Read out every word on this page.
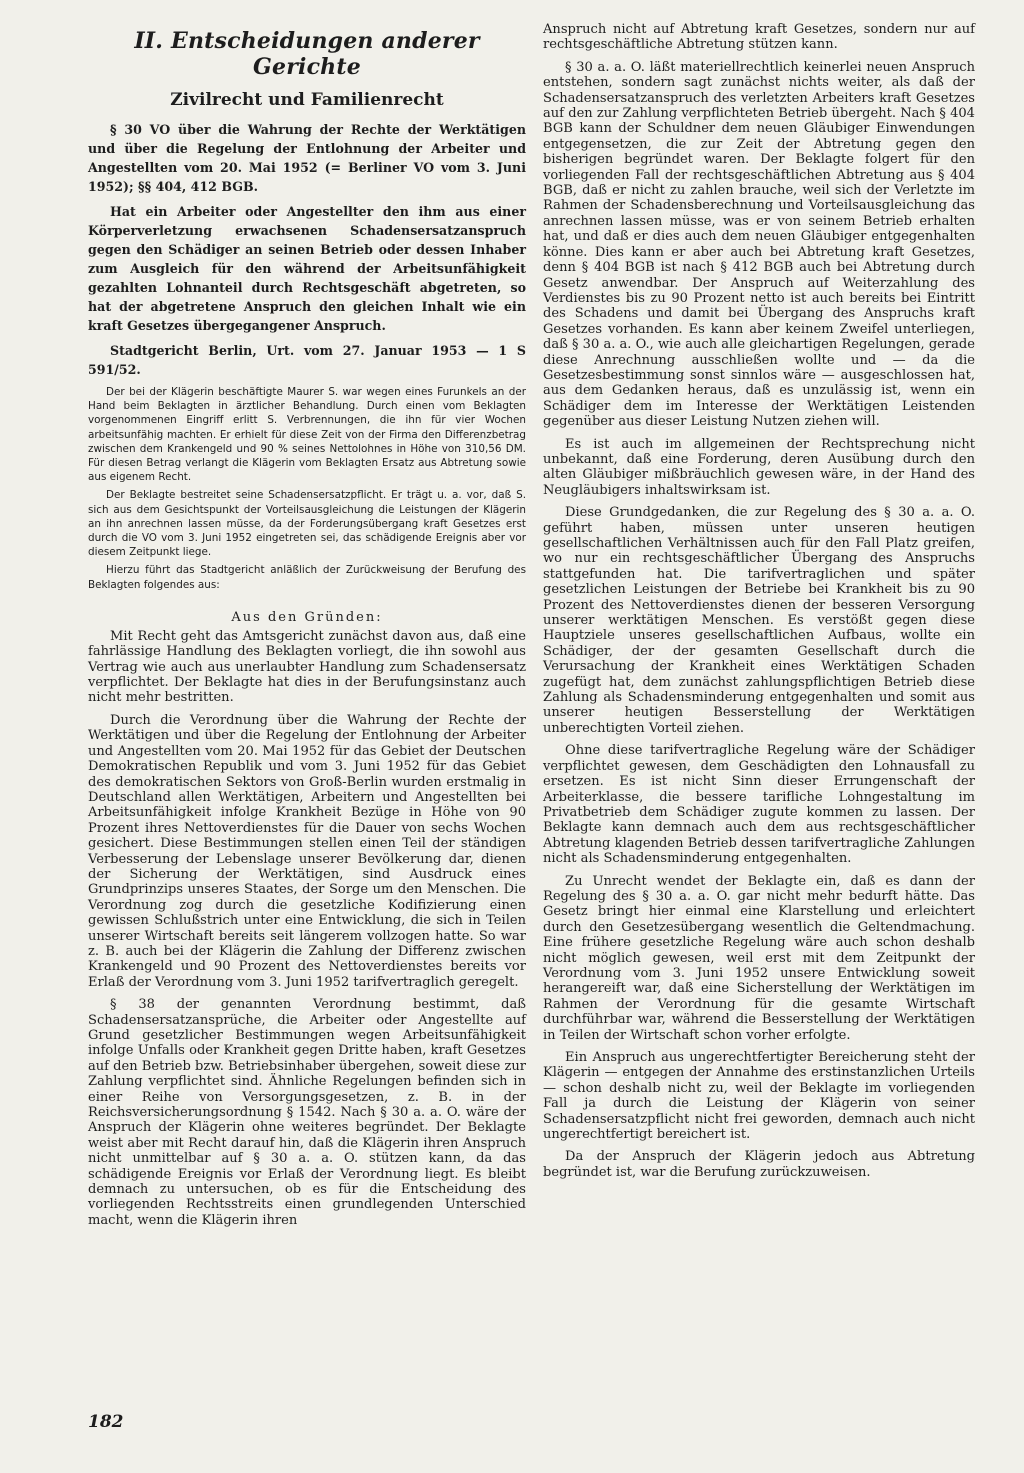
II. Entscheidungen anderer Gerichte
Zivilrecht und Familienrecht

§ 30 VO über die Wahrung der Rechte der Werktätigen und über die Regelung der Entlohnung der Arbeiter und Angestellten vom 20. Mai 1952 (= Berliner VO vom 3. Juni 1952); §§ 404, 412 BGB.

Hat ein Arbeiter oder Angestellter den ihm aus einer Körperverletzung erwachsenen Schadensersatzanspruch gegen den Schädiger an seinen Betrieb oder dessen Inhaber zum Ausgleich für den während der Arbeitsunfähigkeit gezahlten Lohnanteil durch Rechtsgeschäft abgetreten, so hat der abgetretene Anspruch den gleichen Inhalt wie ein kraft Gesetzes übergegangener Anspruch.

Stadtgericht Berlin, Urt. vom 27. Januar 1953 — 1 S 591/52.

Der bei der Klägerin beschäftigte Maurer S. war wegen eines Furunkels an der Hand beim Beklagten in ärztlicher Behandlung. Durch einen vom Beklagten vorgenommenen Eingriff erlitt S. Verbrennungen, die ihn für vier Wochen arbeitsunfähig machten. Er erhielt für diese Zeit von der Firma den Differenzbetrag zwischen dem Krankengeld und 90 % seines Nettolohnes in Höhe von 310,56 DM. Für diesen Betrag verlangt die Klägerin vom Beklagten Ersatz aus Abtretung sowie aus eigenem Recht.

Der Beklagte bestreitet seine Schadensersatzpflicht. Er trägt u. a. vor, daß S. sich aus dem Gesichtspunkt der Vorteilsausgleichung die Leistungen der Klägerin an ihn anrechnen lassen müsse, da der Forderungsübergang kraft Gesetzes erst durch die VO vom 3. Juni 1952 eingetreten sei, das schädigende Ereignis aber vor diesem Zeitpunkt liege.

Hierzu führt das Stadtgericht anläßlich der Zurückweisung der Berufung des Beklagten folgendes aus:

Aus den Gründen:

Mit Recht geht das Amtsgericht zunächst davon aus, daß eine fahrlässige Handlung des Beklagten vorliegt, die ihn sowohl aus Vertrag wie auch aus unerlaubter Handlung zum Schadensersatz verpflichtet. Der Beklagte hat dies in der Berufungsinstanz auch nicht mehr bestritten.

Durch die Verordnung über die Wahrung der Rechte der Werktätigen und über die Regelung der Entlohnung der Arbeiter und Angestellten vom 20. Mai 1952 für das Gebiet der Deutschen Demokratischen Republik und vom 3. Juni 1952 für das Gebiet des demokratischen Sektors von Groß-Berlin wurden erstmalig in Deutschland allen Werktätigen, Arbeitern und Angestellten bei Arbeitsunfähigkeit infolge Krankheit Bezüge in Höhe von 90 Prozent ihres Nettoverdienstes für die Dauer von sechs Wochen gesichert. Diese Bestimmungen stellen einen Teil der ständigen Verbesserung der Lebenslage unserer Bevölkerung dar, dienen der Sicherung der Werktätigen, sind Ausdruck eines Grundprinzips unseres Staates, der Sorge um den Menschen. Die Verordnung zog durch die gesetzliche Kodifizierung einen gewissen Schlußstrich unter eine Entwicklung, die sich in Teilen unserer Wirtschaft bereits seit längerem vollzogen hatte. So war z. B. auch bei der Klägerin die Zahlung der Differenz zwischen Krankengeld und 90 Prozent des Nettoverdienstes bereits vor Erlaß der Verordnung vom 3. Juni 1952 tarifvertraglich geregelt.

§ 38 der genannten Verordnung bestimmt, daß Schadensersatzansprüche, die Arbeiter oder Angestellte auf Grund gesetzlicher Bestimmungen wegen Arbeitsunfähigkeit infolge Unfalls oder Krankheit gegen Dritte haben, kraft Gesetzes auf den Betrieb bzw. Betriebsinhaber übergehen, soweit diese zur Zahlung verpflichtet sind. Ähnliche Regelungen befinden sich in einer Reihe von Versorgungsgesetzen, z. B. in der Reichsversicherungsordnung § 1542. Nach § 30 a. a. O. wäre der Anspruch der Klägerin ohne weiteres begründet. Der Beklagte weist aber mit Recht darauf hin, daß die Klägerin ihren Anspruch nicht unmittelbar auf § 30 a. a. O. stützen kann, da das schädigende Ereignis vor Erlaß der Verordnung liegt. Es bleibt demnach zu untersuchen, ob es für die Entscheidung des vorliegenden Rechtsstreits einen grundlegenden Unterschied macht, wenn die Klägerin ihren

Anspruch nicht auf Abtretung kraft Gesetzes, sondern nur auf rechtsgeschäftliche Abtretung stützen kann.

§ 30 a. a. O. läßt materiellrechtlich keinerlei neuen Anspruch entstehen, sondern sagt zunächst nichts weiter, als daß der Schadensersatzanspruch des verletzten Arbeiters kraft Gesetzes auf den zur Zahlung verpflichteten Betrieb übergeht. Nach § 404 BGB kann der Schuldner dem neuen Gläubiger Einwendungen entgegensetzen, die zur Zeit der Abtretung gegen den bisherigen begründet waren. Der Beklagte folgert für den vorliegenden Fall der rechtsgeschäftlichen Abtretung aus § 404 BGB, daß er nicht zu zahlen brauche, weil sich der Verletzte im Rahmen der Schadensberechnung und Vorteilsausgleichung das anrechnen lassen müsse, was er von seinem Betrieb erhalten hat, und daß er dies auch dem neuen Gläubiger entgegenhalten könne. Dies kann er aber auch bei Abtretung kraft Gesetzes, denn § 404 BGB ist nach § 412 BGB auch bei Abtretung durch Gesetz anwendbar. Der Anspruch auf Weiterzahlung des Verdienstes bis zu 90 Prozent netto ist auch bereits bei Eintritt des Schadens und damit bei Übergang des Anspruchs kraft Gesetzes vorhanden. Es kann aber keinem Zweifel unterliegen, daß § 30 a. a. O., wie auch alle gleichartigen Regelungen, gerade diese Anrechnung ausschließen wollte und — da die Gesetzesbestimmung sonst sinnlos wäre — ausgeschlossen hat, aus dem Gedanken heraus, daß es unzulässig ist, wenn ein Schädiger dem im Interesse der Werktätigen Leistenden gegenüber aus dieser Leistung Nutzen ziehen will.

Es ist auch im allgemeinen der Rechtsprechung nicht unbekannt, daß eine Forderung, deren Ausübung durch den alten Gläubiger mißbräuchlich gewesen wäre, in der Hand des Neugläubigers inhaltswirksam ist.

Diese Grundgedanken, die zur Regelung des § 30 a. a. O. geführt haben, müssen unter unseren heutigen gesellschaftlichen Verhältnissen auch für den Fall Platz greifen, wo nur ein rechtsgeschäftlicher Übergang des Anspruchs stattgefunden hat. Die tarifvertraglichen und später gesetzlichen Leistungen der Betriebe bei Krankheit bis zu 90 Prozent des Nettoverdienstes dienen der besseren Versorgung unserer werktätigen Menschen. Es verstößt gegen diese Hauptziele unseres gesellschaftlichen Aufbaus, wollte ein Schädiger, der der gesamten Gesellschaft durch die Verursachung der Krankheit eines Werktätigen Schaden zugefügt hat, dem zunächst zahlungspflichtigen Betrieb diese Zahlung als Schadensminderung entgegenhalten und somit aus unserer heutigen Besserstellung der Werktätigen unberechtigten Vorteil ziehen.

Ohne diese tarifvertragliche Regelung wäre der Schädiger verpflichtet gewesen, dem Geschädigten den Lohnausfall zu ersetzen. Es ist nicht Sinn dieser Errungenschaft der Arbeiterklasse, die bessere tarifliche Lohngestaltung im Privatbetrieb dem Schädiger zugute kommen zu lassen. Der Beklagte kann demnach auch dem aus rechtsgeschäftlicher Abtretung klagenden Betrieb dessen tarifvertragliche Zahlungen nicht als Schadensminderung entgegenhalten.

Zu Unrecht wendet der Beklagte ein, daß es dann der Regelung des § 30 a. a. O. gar nicht mehr bedurft hätte. Das Gesetz bringt hier einmal eine Klarstellung und erleichtert durch den Gesetzesübergang wesentlich die Geltendmachung. Eine frühere gesetzliche Regelung wäre auch schon deshalb nicht möglich gewesen, weil erst mit dem Zeitpunkt der Verordnung vom 3. Juni 1952 unsere Entwicklung soweit herangereift war, daß eine Sicherstellung der Werktätigen im Rahmen der Verordnung für die gesamte Wirtschaft durchführbar war, während die Besserstellung der Werktätigen in Teilen der Wirtschaft schon vorher erfolgte.

Ein Anspruch aus ungerechtfertigter Bereicherung steht der Klägerin — entgegen der Annahme des erstinstanzlichen Urteils — schon deshalb nicht zu, weil der Beklagte im vorliegenden Fall ja durch die Leistung der Klägerin von seiner Schadensersatzpflicht nicht frei geworden, demnach auch nicht ungerechtfertigt bereichert ist.

Da der Anspruch der Klägerin jedoch aus Abtretung begründet ist, war die Berufung zurückzuweisen.

182
